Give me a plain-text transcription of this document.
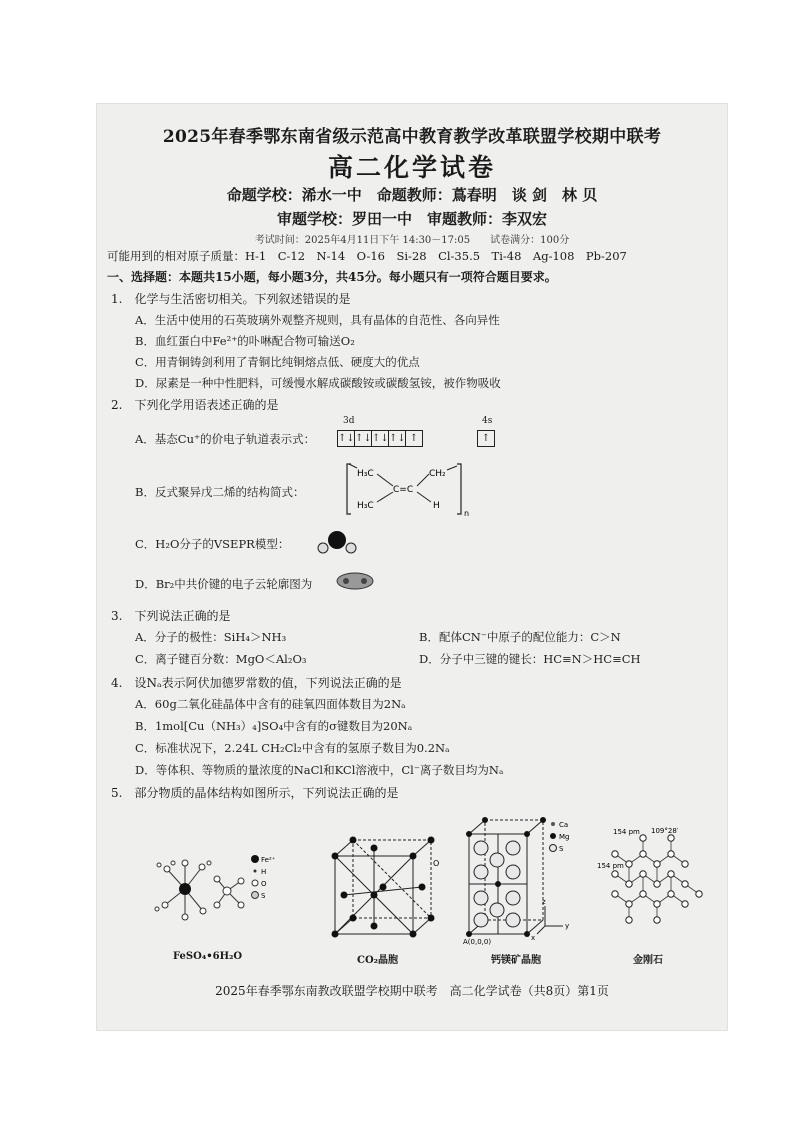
2025年春季鄂东南省级示范高中教育教学改革联盟学校期中联考
高二化学试卷
命题学校：浠水一中　命题教师：蔦春明　谈 剑　林 贝
审题学校：罗田一中　审题教师：李双宏
考试时间：2025年4月11日下午 14:30－17:05　　试卷满分：100分
可能用到的相对原子质量：H-1　C-12　N-14　O-16　Si-28　Cl-35.5　Ti-48　Ag-108　Pb-207
一、选择题：本题共15小题，每小题3分，共45分。每小题只有一项符合题目要求。
1.　化学与生活密切相关。下列叙述错误的是
A．生活中使用的石英玻璃外观整齐规则，具有晶体的自范性、各向异性
B．血红蛋白中Fe²⁺的卟啉配合物可输送O₂
C．用青铜铸剑利用了青铜比纯铜熔点低、硬度大的优点
D．尿素是一种中性肥料，可缓慢水解成碳酸铵或碳酸氢铵，被作物吸收
2.　下列化学用语表述正确的是
3d	4s
A．基态Cu⁺的价电子轨道表示式： ↑↓ ↑↓ ↑↓ ↑↓ ↑	↑
B．反式聚异戊二烯的结构简式：
H₃C
H₃C
C=C
CH₂
H
n
C．H₂O分子的VSEPR模型：
D．Br₂中共价键的电子云轮廓图为
3.　下列说法正确的是
A．分子的极性：SiH₄＞NH₃	B．配体CN⁻中原子的配位能力：C＞N
C．离子键百分数：MgO＜Al₂O₃	D．分子中三键的键长：HC≡N＞HC≡CH
4.　设Nₐ表示阿伏加德罗常数的值，下列说法正确的是
A．60g二氧化硅晶体中含有的硅氧四面体数目为2Nₐ
B．1mol[Cu（NH₃）₄]SO₄中含有的σ键数目为20Nₐ
C．标准状况下，2.24L CH₂Cl₂中含有的氢原子数目为0.2Nₐ
D．等体积、等物质的量浓度的NaCl和KCl溶液中，Cl⁻离子数目均为Nₐ
5.　部分物质的晶体结构如图所示，下列说法正确的是
Fe²⁺
H
O
S
FeSO₄•6H₂O
O
CO₂晶胞
Ca
Mg
S
z
y
x
A(0,0,0)
钙镁矿晶胞
154 pm 109°28′
154 pm
金刚石
2025年春季鄂东南教改联盟学校期中联考　高二化学试卷（共8页）第1页
